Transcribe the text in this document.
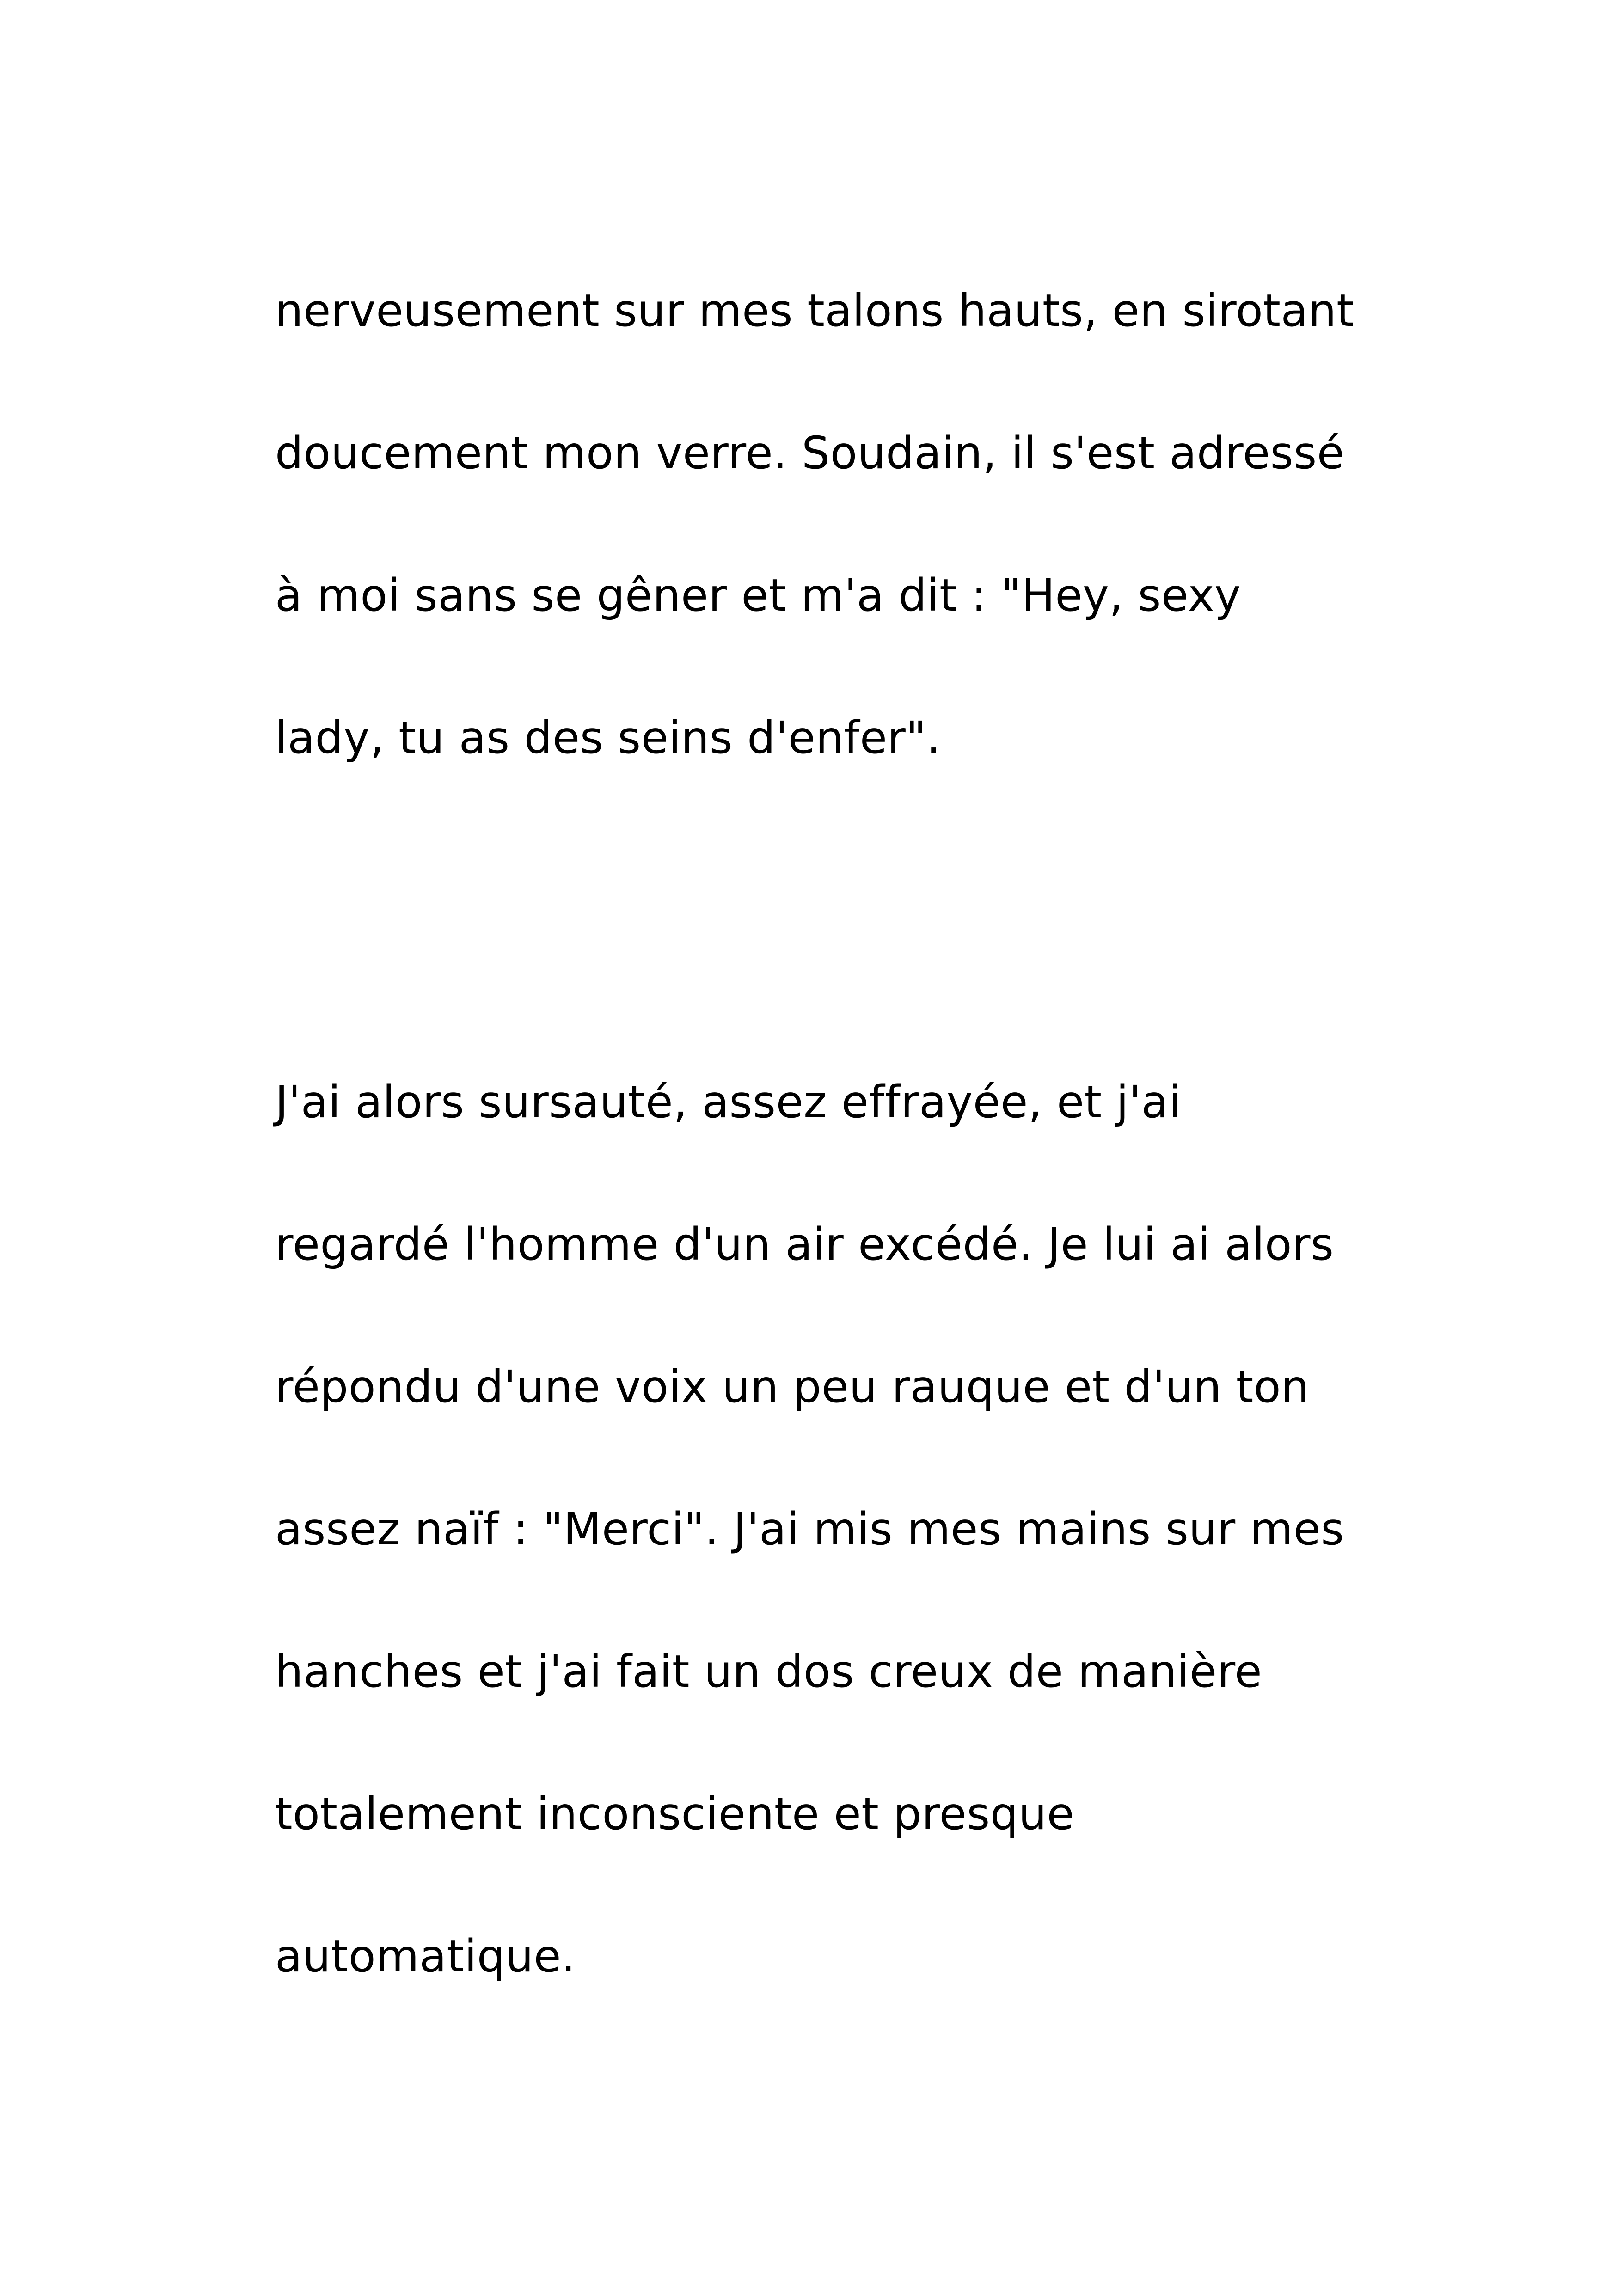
nerveusement sur mes talons hauts, en sirotant

doucement mon verre. Soudain, il s'est adressé

à moi sans se gêner et m'a dit : "Hey, sexy

lady, tu as des seins d'enfer".

J'ai alors sursauté, assez effrayée, et j'ai

regardé l'homme d'un air excédé. Je lui ai alors

répondu d'une voix un peu rauque et d'un ton

assez naïf : "Merci". J'ai mis mes mains sur mes

hanches et j'ai fait un dos creux de manière

totalement inconsciente et presque

automatique.
